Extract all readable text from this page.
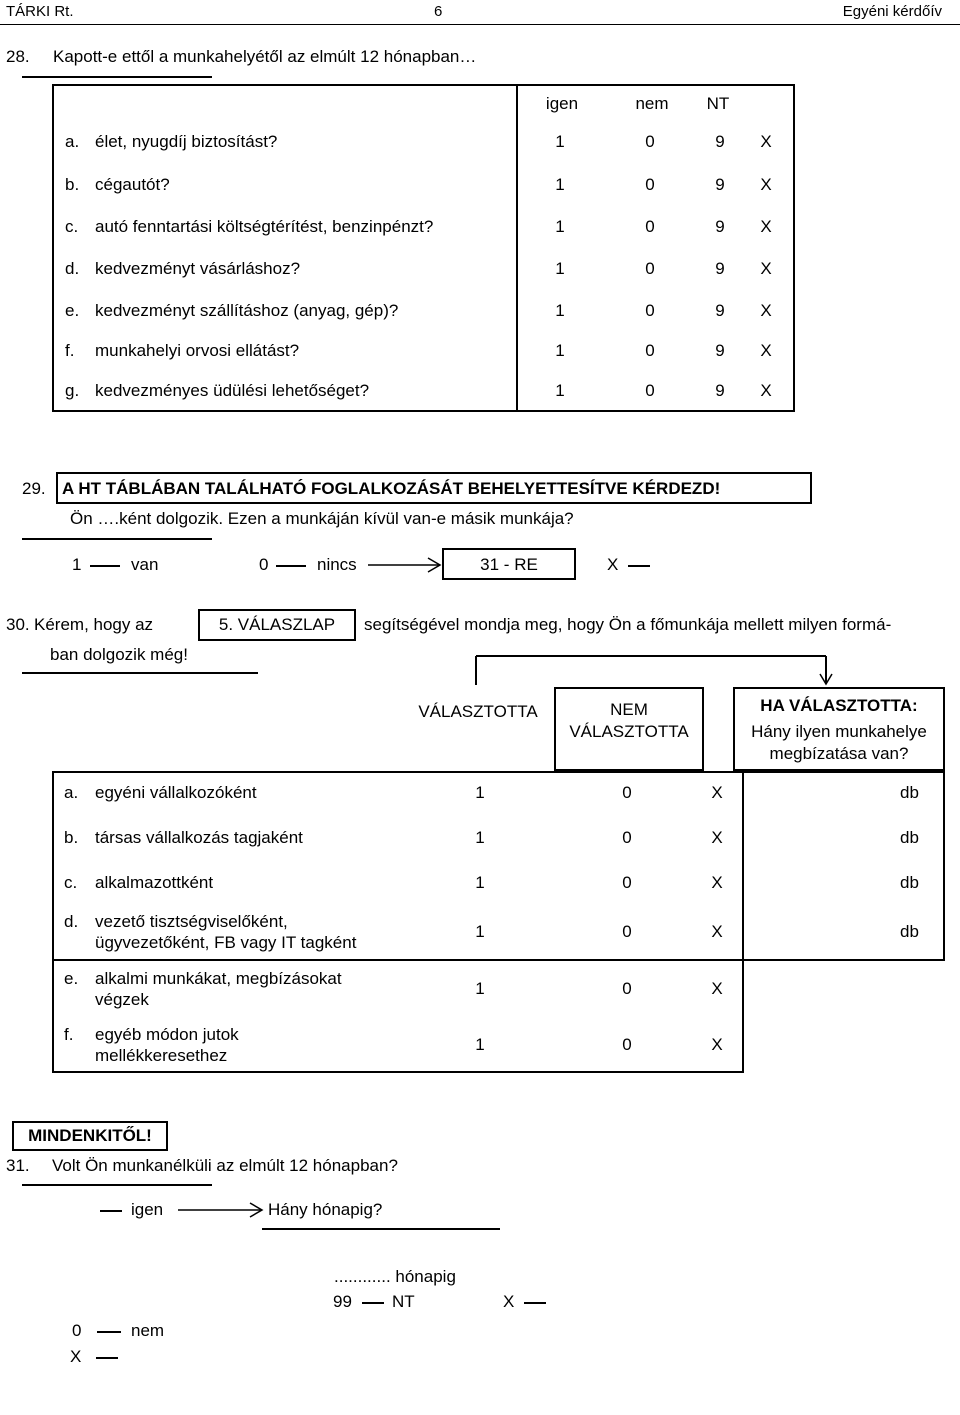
TÁRKI Rt.	6	Egyéni kérdőív
28. Kapott-e ettől a munkahelyétől az elmúlt 12 hónapban…
igen	nem	NT
a. élet, nyugdíj biztosítást?	1	0	9	X
b. cégautót?	1	0	9	X
c. autó fenntartási költségtérítést, benzinpénzt?	1	0	9	X
d. kedvezményt vásárláshoz?	1	0	9	X
e. kedvezményt szállításhoz (anyag, gép)?	1	0	9	X
f. munkahelyi orvosi ellátást?	1	0	9	X
g. kedvezményes üdülési lehetőséget?	1	0	9	X
29. A HT TÁBLÁBAN TALÁLHATÓ FOGLALKOZÁSÁT BEHELYETTESÍTVE KÉRDEZD!
Ön ….ként dolgozik. Ezen a munkáján kívül van-e másik munkája?
1	van	0	nincs	31 - RE	X
30. Kérem, hogy az	5. VÁLASZLAP	segítségével mondja meg, hogy Ön a főmunkája mellett milyen formá-
ban dolgozik még!
VÁLASZTOTTA	NEM
VÁLASZTOTTA
HA VÁLASZTOTTA:
Hány ilyen munkahelye
megbízatása van?
a. egyéni vállalkozóként	1	0	X	db
b. társas vállalkozás tagjaként	1	0	X	db
c. alkalmazottként	1	0	X	db
d. vezető tisztségviselőként,
ügyvezetőként, FB vagy IT tagként
1	0	X	db
e. alkalmi munkákat, megbízásokat
végzek
1	0	X
f. egyéb módon jutok
mellékkeresethez
1	0	X
MINDENKITŐL!
31. Volt Ön munkanélküli az elmúlt 12 hónapban?
igen	Hány hónapig?
............ hónapig
99 NT	X
0	nem
X
